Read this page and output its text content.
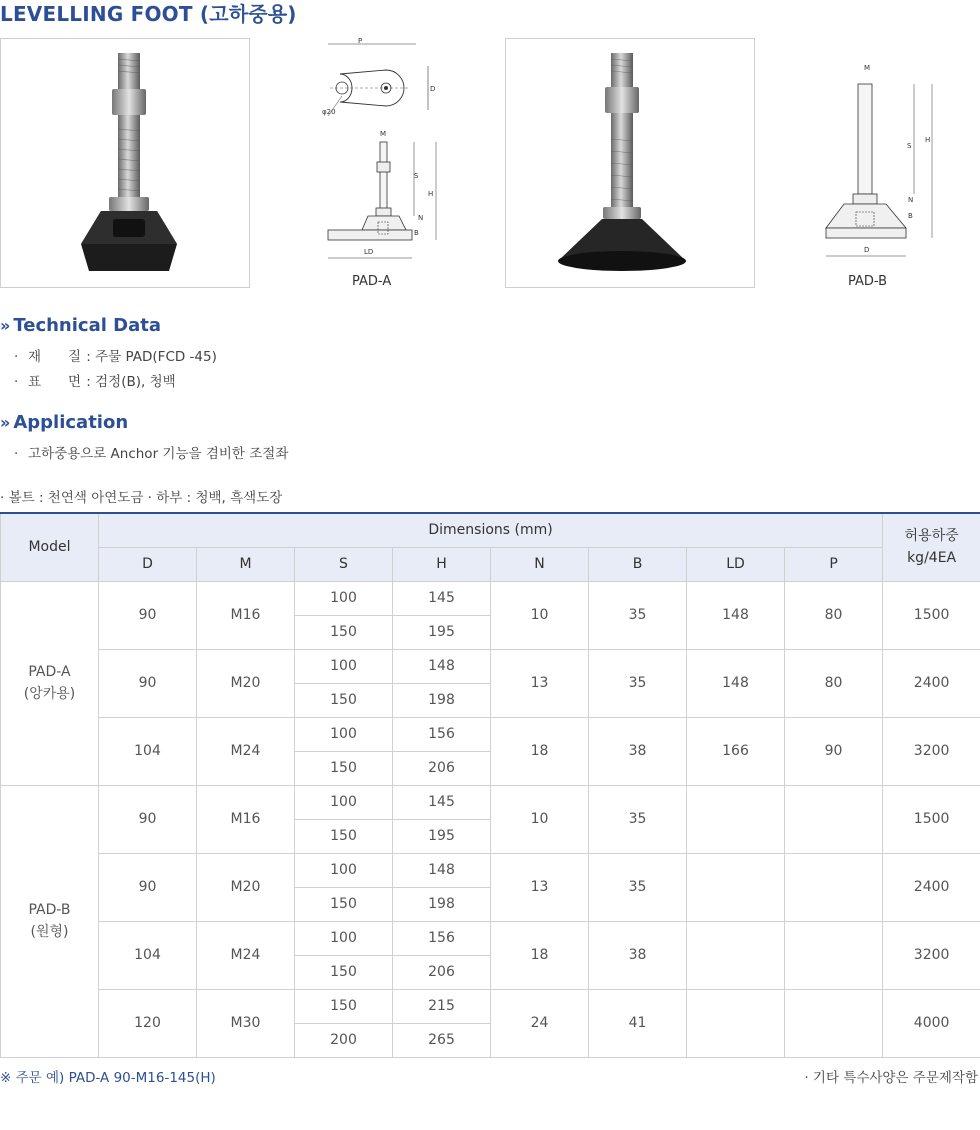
LEVELLING FOOT (고하중용)
P
D
φ20
M
S
H
N
B
LD
PAD-A
M
S
H
N
B
D
PAD-B
» Technical Data
· 재　　질 : 주물 PAD(FCD -45)
· 표　　면 : 검정(B), 청백
» Application
· 고하중용으로 Anchor 기능을 겸비한 조절좌
· 볼트 : 천연색 아연도금 · 하부 : 청백, 흑색도장
Model	Dimensions (mm)								허용하중
kg/4EA
	D	M	S	H	N	B	LD	P	
PAD-A
(앙카용)	90	M16	100	145	10	35	148	80	1500
			150	195					
	90	M20	100	148	13	35	148	80	2400
			150	198					
	104	M24	100	156	18	38	166	90	3200
			150	206					
PAD-B
(원형)	90	M16	100	145	10	35			1500
			150	195					
	90	M20	100	148	13	35			2400
			150	198					
	104	M24	100	156	18	38			3200
			150	206					
	120	M30	150	215	24	41			4000
			200	265					
※ 주문 예) PAD-A 90-M16-145(H)	· 기타 특수사양은 주문제작함
